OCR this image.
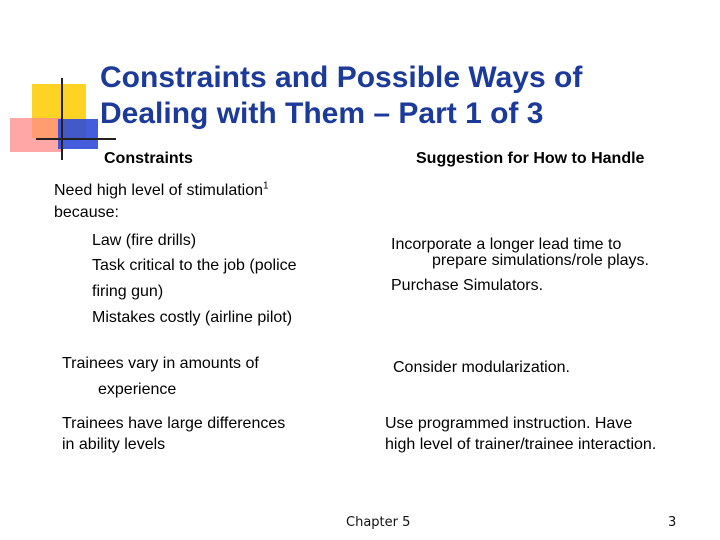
Constraints and Possible Ways of
Dealing with Them – Part 1 of 3
Constraints	Suggestion for How to Handle
Need high level of stimulation$^1$
because:
Law (fire drills)
Task critical to the job (police
firing gun)
Mistakes costly (airline pilot)
Incorporate a longer lead time to
prepare simulations/role plays.
Purchase Simulators.
Trainees vary in amounts of
experience
Consider modularization.
Trainees have large differences
in ability levels
Use programmed instruction. Have
high level of trainer/trainee interaction.
Chapter 5	3
